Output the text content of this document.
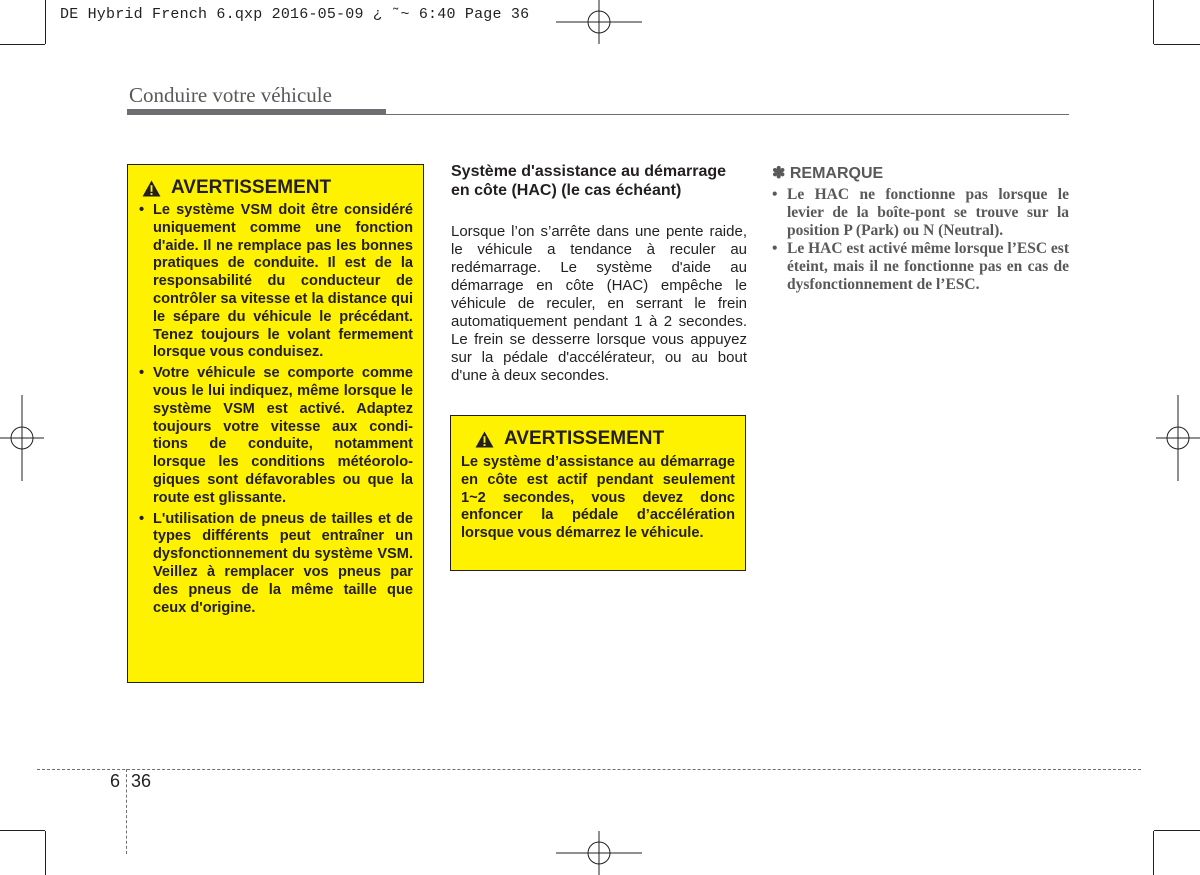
DE Hybrid French 6.qxp 2016-05-09 ¿ ˜~ 6:40 Page 36
Conduire votre véhicule
AVERTISSEMENT
• Le système VSM doit être considéré uniquement comme une fonction d'aide. Il ne remplace pas les bonnes pratiques de conduite. Il est de la responsabilité du conducteur de contrôler sa vitesse et la distance qui le sépare du véhicule le précédant. Tenez toujours le volant fermement lorsque vous conduisez.
• Votre véhicule se comporte comme vous le lui indiquez, même lorsque le système VSM est activé. Adaptez toujours votre vitesse aux condi-tions de conduite, notamment lorsque les conditions météorolo-giques sont défavorables ou que la route est glissante.
• L'utilisation de pneus de tailles et de types différents peut entraîner un dysfonctionnement du système VSM. Veillez à remplacer vos pneus par des pneus de la même taille que ceux d'origine.
Système d'assistance au démarrage en côte (HAC) (le cas échéant)
Lorsque l’on s’arrête dans une pente raide, le véhicule a tendance à reculer au redémarrage. Le système d'aide au démarrage en côte (HAC) empêche le véhicule de reculer, en serrant le frein automatiquement pendant 1 à 2 secondes. Le frein se desserre lorsque vous appuyez sur la pédale d'accélérateur, ou au bout d'une à deux secondes.
AVERTISSEMENT
Le système d’assistance au démarrage en côte est actif pendant seulement 1~2 secondes, vous devez donc enfoncer la pédale d’accélération lorsque vous démarrez le véhicule.
✽ REMARQUE
• Le HAC ne fonctionne pas lorsque le levier de la boîte-pont se trouve sur la position P (Park) ou N (Neutral).
• Le HAC est activé même lorsque l’ESC est éteint, mais il ne fonctionne pas en cas de dysfonctionnement de l’ESC.
6 36
